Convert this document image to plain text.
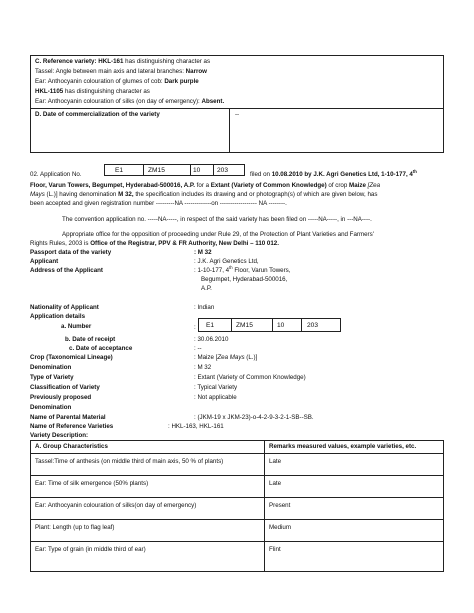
C. Reference variety: HKL-161 has distinguishing character as
Tassel: Angle between main axis and lateral branches: Narrow
Ear: Anthocyanin colouration of glumes of cob: Dark purple
HKL-1105 has distinguishing character as
Ear: Anthocyanin colouration of silks (on day of emergency): Absent.
D. Date of commercialization of the variety	--
02. Application No.
E1	ZM15	10	203
filed on 10.08.2010 by J.K. Agri Genetics Ltd, 1-10-177, 4th
Floor, Varun Towers, Begumpet, Hyderabad-500016, A.P. for a Extant (Variety of Common Knowledge) of crop Maize [Zea
Mays (L.)] having denomination M 32, the specification includes its drawing and or photograph(s) of which are given below, has
been accepted and given registration number ---------NA -------------on ------------------ NA --------.
The convention application no. -----NA-----, in respect of the said variety has been filed on -----NA-----, in ---NA----.
Appropriate office for the opposition of proceeding under Rule 29, of the Protection of Plant Varieties and Farmers'
Rights Rules, 2003 is Office of the Registrar, PPV & FR Authority, New Delhi – 110 012.
Passport data of the variety	: M 32
Applicant	: J.K. Agri Genetics Ltd,
Address of the Applicant	: 1-10-177, 4th Floor, Varun Towers,
Begumpet, Hyderabad-500016,
A.P.
Nationality of Applicant	: Indian
Application details
a. Number	: E1	ZM15	10	203
b. Date of receipt	: 30.06.2010
c. Date of acceptance	: --
Crop (Taxonomical Lineage)	: Maize [Zea Mays (L.)]
Denomination	: M 32
Type of Variety	: Extant (Variety of Common Knowledge)
Classification of Variety	: Typical Variety
Previously proposed	: Not applicable
Denomination
Name of Parental Material	: (JKM-19 x JKM-23)-o-4-2-9-3-2-1-SB--SB.
Name of Reference Varieties	: HKL-163, HKL-161
Variety Description:
A. Group Characteristics	Remarks measured values, example varieties, etc.
Tassel:Time of anthesis (on middle third of main axis, 50 % of plants)	Late
Ear: Time of silk emergence (50% plants)	Late
Ear: Anthocyanin colouration of silks(on day of emergency)	Present
Plant: Length (up to flag leaf)	Medium
Ear: Type of grain (in middle third of ear)	Flint
